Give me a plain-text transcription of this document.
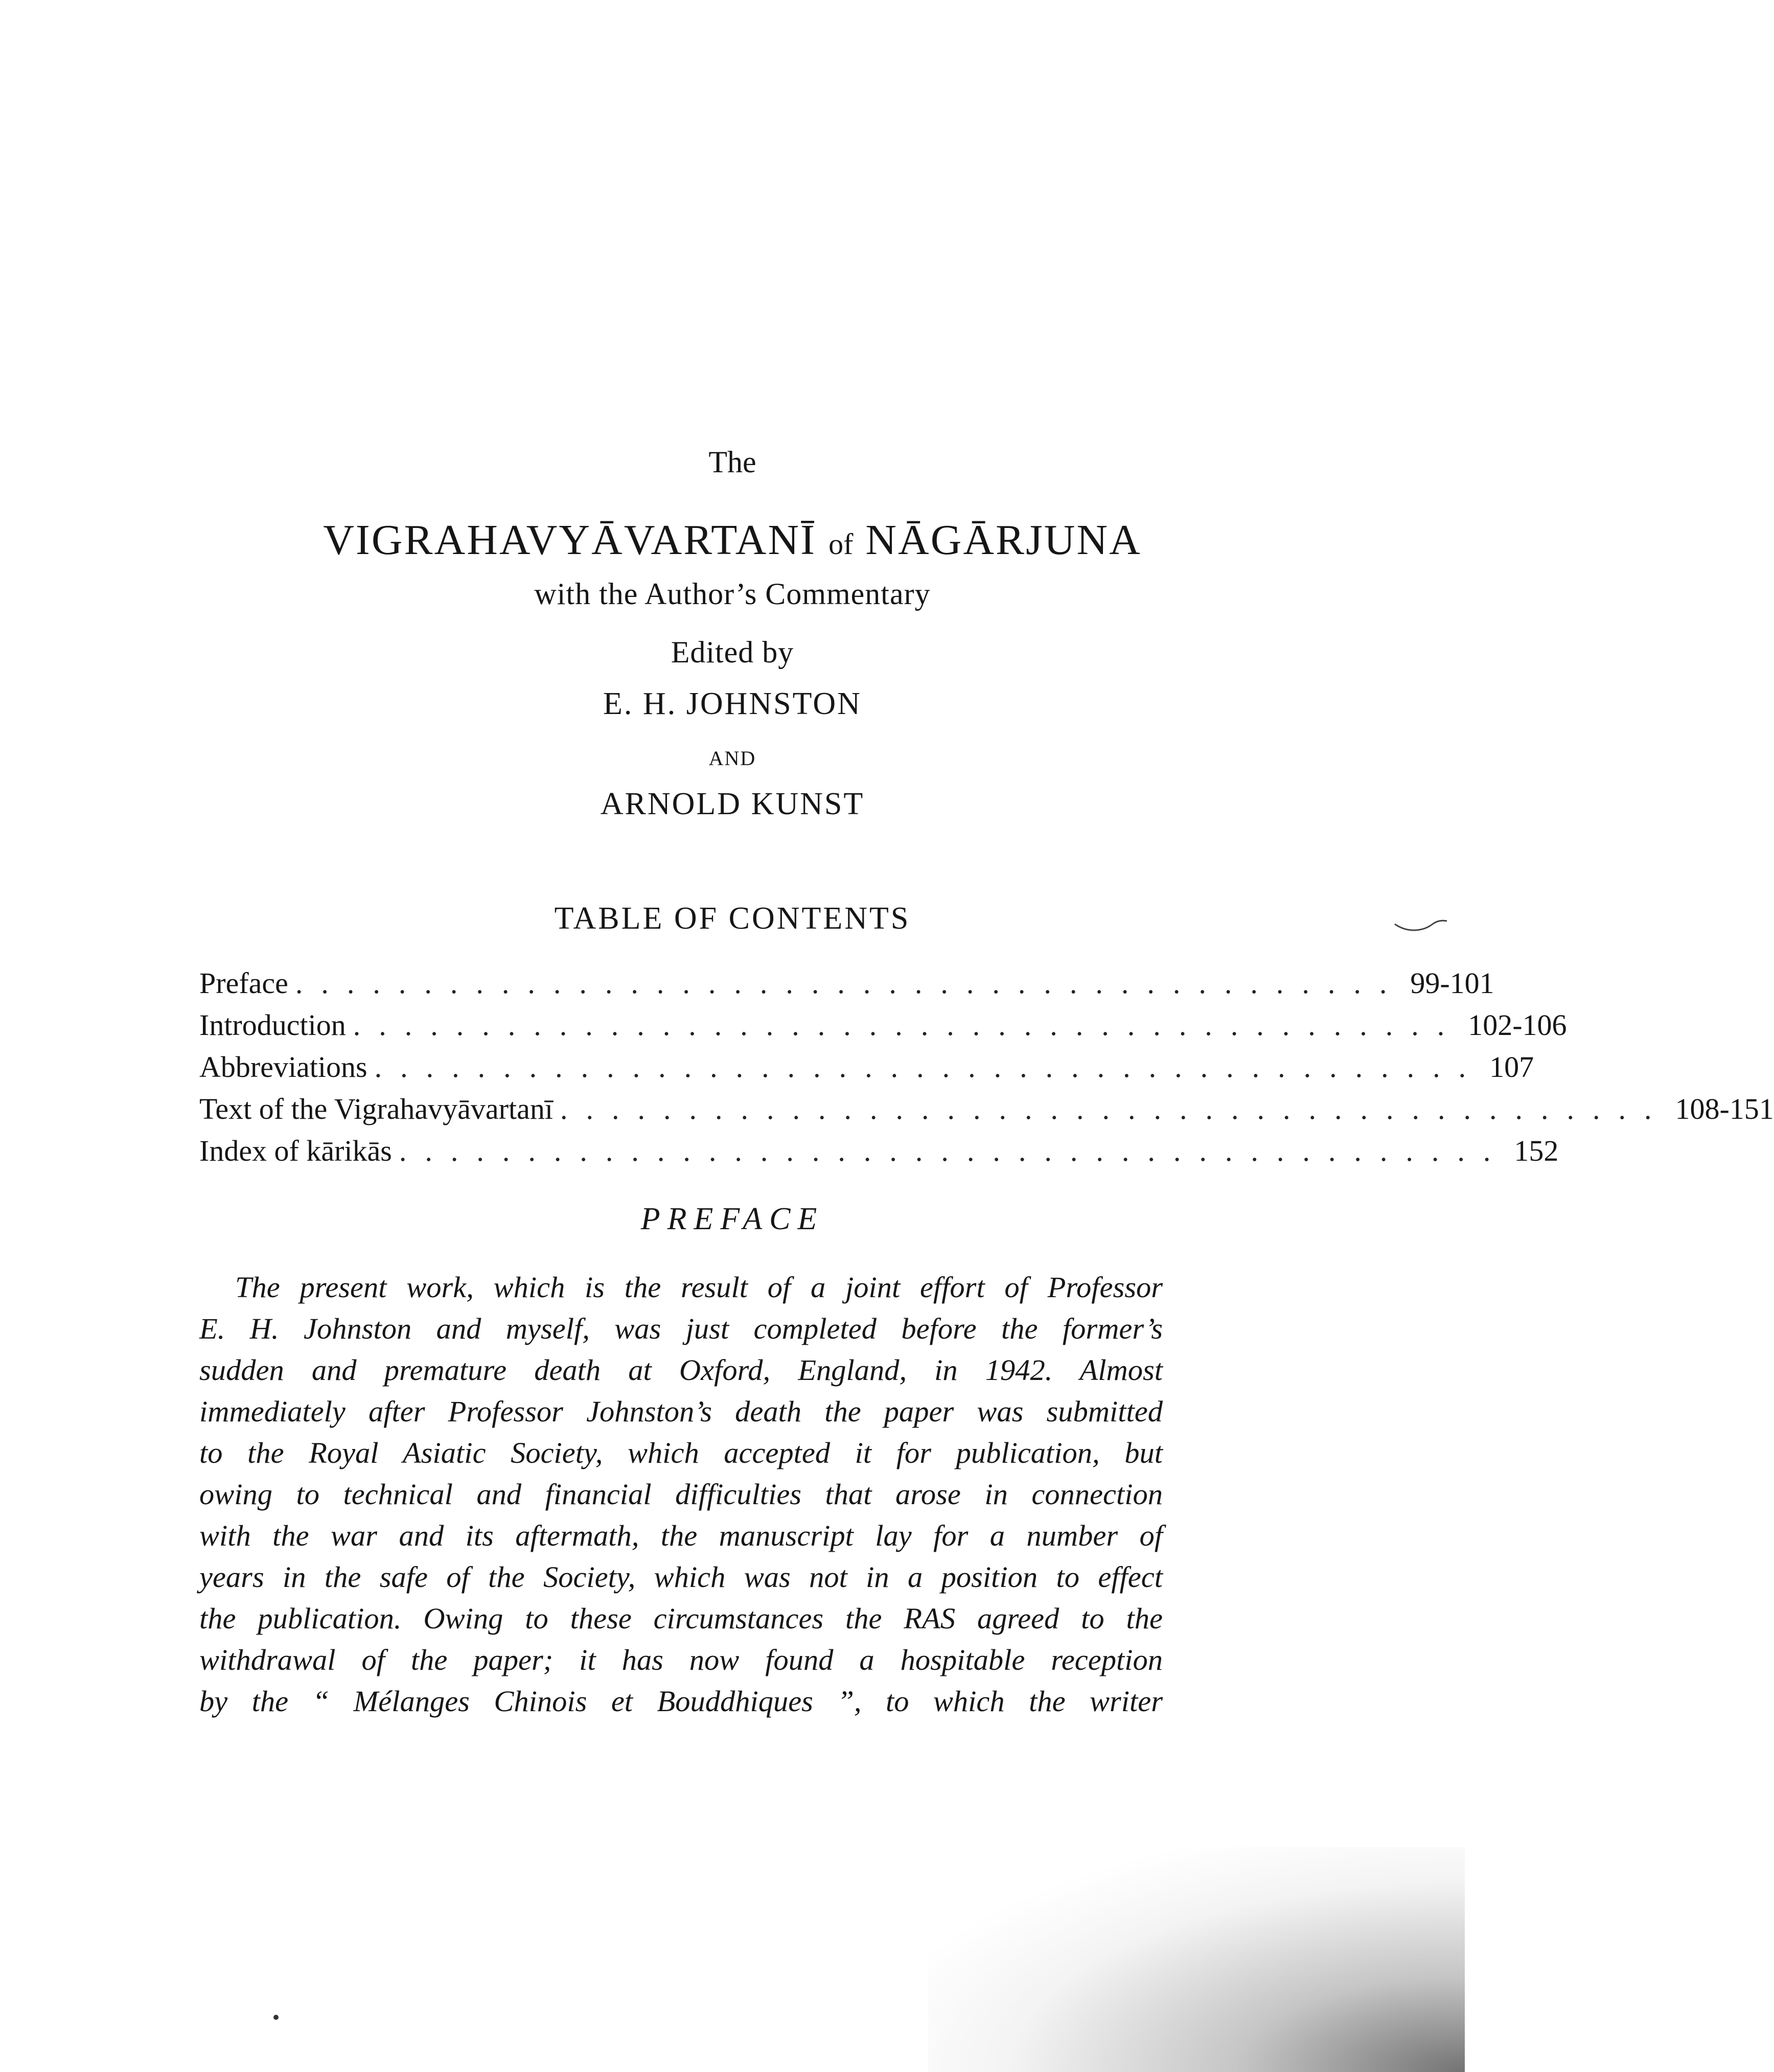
The
VIGRAHAVYĀVARTANĪ of NĀGĀRJUNA
with the Author’s Commentary
Edited by
E. H. JOHNSTON
AND
ARNOLD KUNST
TABLE OF CONTENTS
Preface ........................................... 99-101
Introduction ........................................... 102-106
Abbreviations ........................................... 107
Text of the Vigrahavyāvartanī ........................................... 108-151
Index of kārikās ........................................... 152
PREFACE
The present work, which is the result of a joint effort of Professor
E. H. Johnston and myself, was just completed before the former’s
sudden and premature death at Oxford, England, in 1942. Almost
immediately after Professor Johnston’s death the paper was submitted
to the Royal Asiatic Society, which accepted it for publication, but
owing to technical and financial difficulties that arose in connection
with the war and its aftermath, the manuscript lay for a number of
years in the safe of the Society, which was not in a position to effect
the publication. Owing to these circumstances the RAS agreed to the
withdrawal of the paper; it has now found a hospitable reception
by the “ Mélanges Chinois et Bouddhiques ”, to which the writer
